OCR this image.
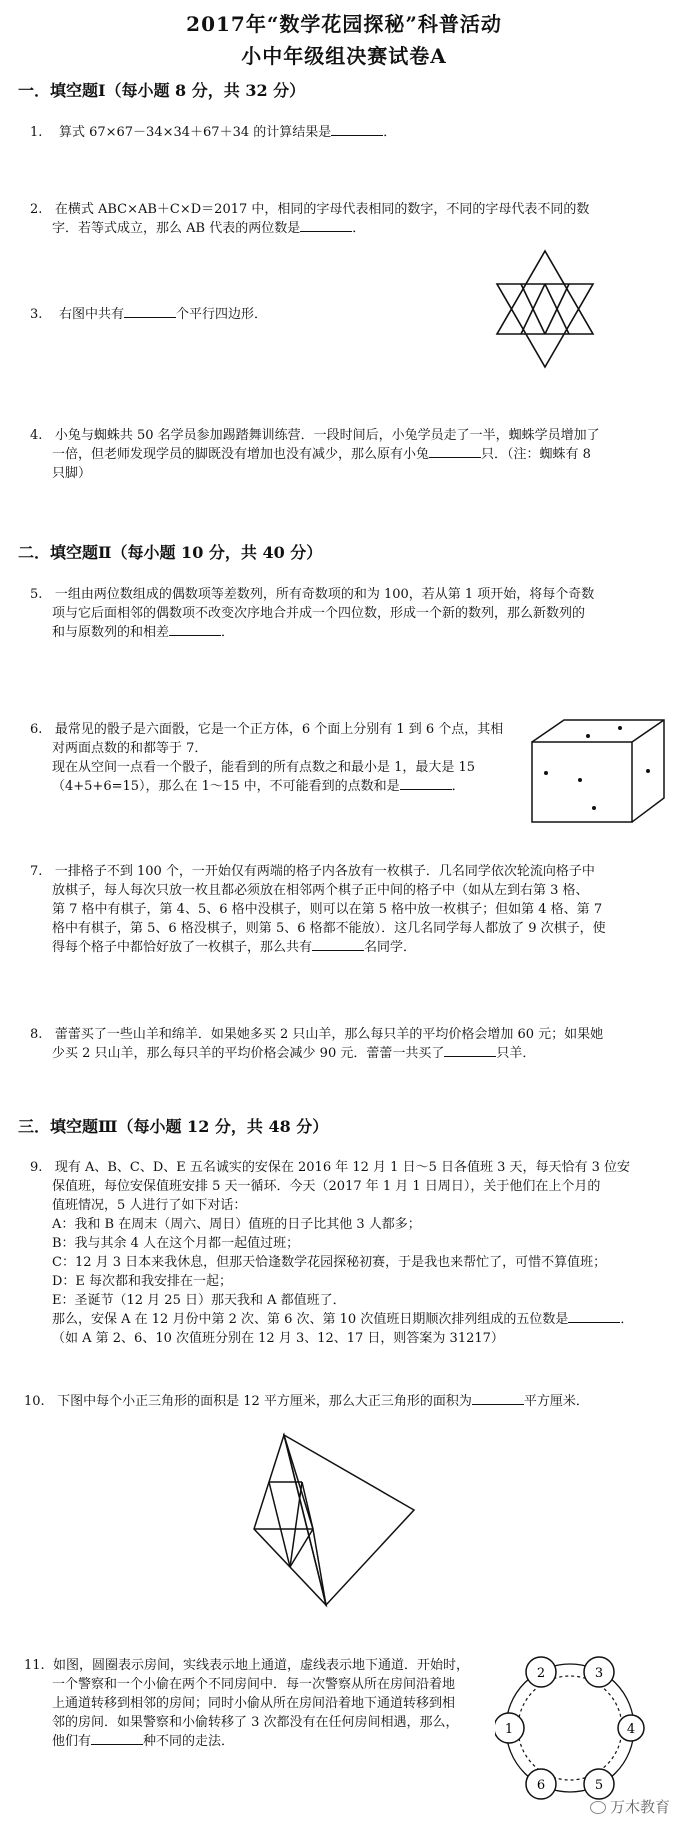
2017年“数学花园探秘”科普活动
小中年级组决赛试卷A
一．填空题Ⅰ（每小题 8 分，共 32 分）
1. 算式 67×67－34×34＋67＋34 的计算结果是	．
2. 在横式 ABC×AB＋C×D＝2017 中，相同的字母代表相同的数字，不同的字母代表不同的数
字．若等式成立，那么 AB 代表的两位数是	．
3. 右图中共有	个平行四边形．
4. 小兔与蜘蛛共 50 名学员参加踢踏舞训练营．一段时间后，小兔学员走了一半，蜘蛛学员增加了
一倍，但老师发现学员的脚既没有增加也没有减少，那么原有小兔	只．（注：蜘蛛有 8
只脚）
二．填空题Ⅱ（每小题 10 分，共 40 分）
5. 一组由两位数组成的偶数项等差数列，所有奇数项的和为 100，若从第 1 项开始，将每个奇数
项与它后面相邻的偶数项不改变次序地合并成一个四位数，形成一个新的数列，那么新数列的
和与原数列的和相差	．
6. 最常见的骰子是六面骰，它是一个正方体，6 个面上分别有 1 到 6 个点，其相
对两面点数的和都等于 7．
现在从空间一点看一个骰子，能看到的所有点数之和最小是 1，最大是 15
（4+5+6=15），那么在 1～15 中，不可能看到的点数和是	．
7. 一排格子不到 100 个，一开始仅有两端的格子内各放有一枚棋子．几名同学依次轮流向格子中
放棋子，每人每次只放一枚且都必须放在相邻两个棋子正中间的格子中（如从左到右第 3 格、
第 7 格中有棋子，第 4、5、6 格中没棋子，则可以在第 5 格中放一枚棋子；但如第 4 格、第 7
格中有棋子，第 5、6 格没棋子，则第 5、6 格都不能放）．这几名同学每人都放了 9 次棋子，使
得每个格子中都恰好放了一枚棋子，那么共有	名同学．
8. 蕾蕾买了一些山羊和绵羊．如果她多买 2 只山羊，那么每只羊的平均价格会增加 60 元；如果她
少买 2 只山羊，那么每只羊的平均价格会减少 90 元．蕾蕾一共买了	只羊．
三．填空题Ⅲ（每小题 12 分，共 48 分）
9. 现有 A、B、C、D、E 五名诚实的安保在 2016 年 12 月 1 日～5 日各值班 3 天，每天恰有 3 位安
保值班，每位安保值班安排 5 天一循环．今天（2017 年 1 月 1 日周日），关于他们在上个月的
值班情况，5 人进行了如下对话：
A：我和 B 在周末（周六、周日）值班的日子比其他 3 人都多；
B：我与其余 4 人在这个月都一起值过班；
C：12 月 3 日本来我休息，但那天恰逢数学花园探秘初赛，于是我也来帮忙了，可惜不算值班；
D：E 每次都和我安排在一起；
E：圣诞节（12 月 25 日）那天我和 A 都值班了．
那么，安保 A 在 12 月份中第 2 次、第 6 次、第 10 次值班日期顺次排列组成的五位数是	．
（如 A 第 2、6、10 次值班分别在 12 月 3、12、17 日，则答案为 31217）
10. 下图中每个小正三角形的面积是 12 平方厘米，那么大正三角形的面积为	平方厘米．
11. 如图，圆圈表示房间，实线表示地上通道，虚线表示地下通道．开始时，
一个警察和一个小偷在两个不同房间中．每一次警察从所在房间沿着地
上通道转移到相邻的房间；同时小偷从所在房间沿着地下通道转移到相
邻的房间．如果警察和小偷转移了 3 次都没有在任何房间相遇，那么，
他们有	种不同的走法．
2	3
1	4
6	5
万木教育
